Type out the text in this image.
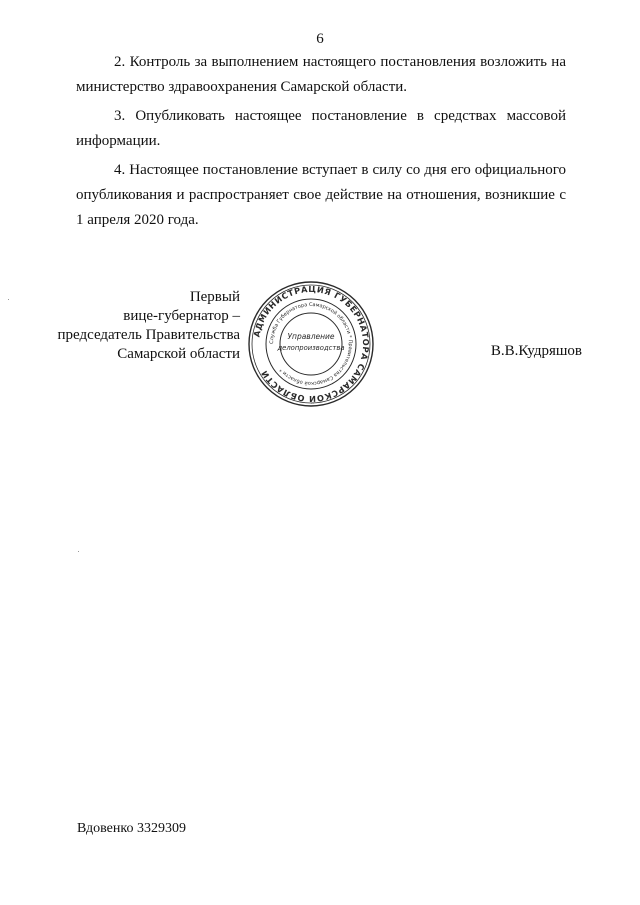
6

2. Контроль за выполнением настоящего постановления возложить на министерство здравоохранения Самарской области.

3. Опубликовать настоящее постановление в средствах массовой информации.

4. Настоящее постановление вступает в силу со дня его официального опубликования и распространяет свое действие на отношения, возникшие с 1 апреля 2020 года.

Первый
вице-губернатор –
председатель Правительства
Самарской области
АДМИНИСТРАЦИЯ ГУБЕРНАТОРА САМАРСКОЙ ОБЛАСТИ
Служба Губернатора Самарской области * Правительства Самарской области *
Управление
делопроизводства	В.В.Кудряшов
Вдовенко 3329309
